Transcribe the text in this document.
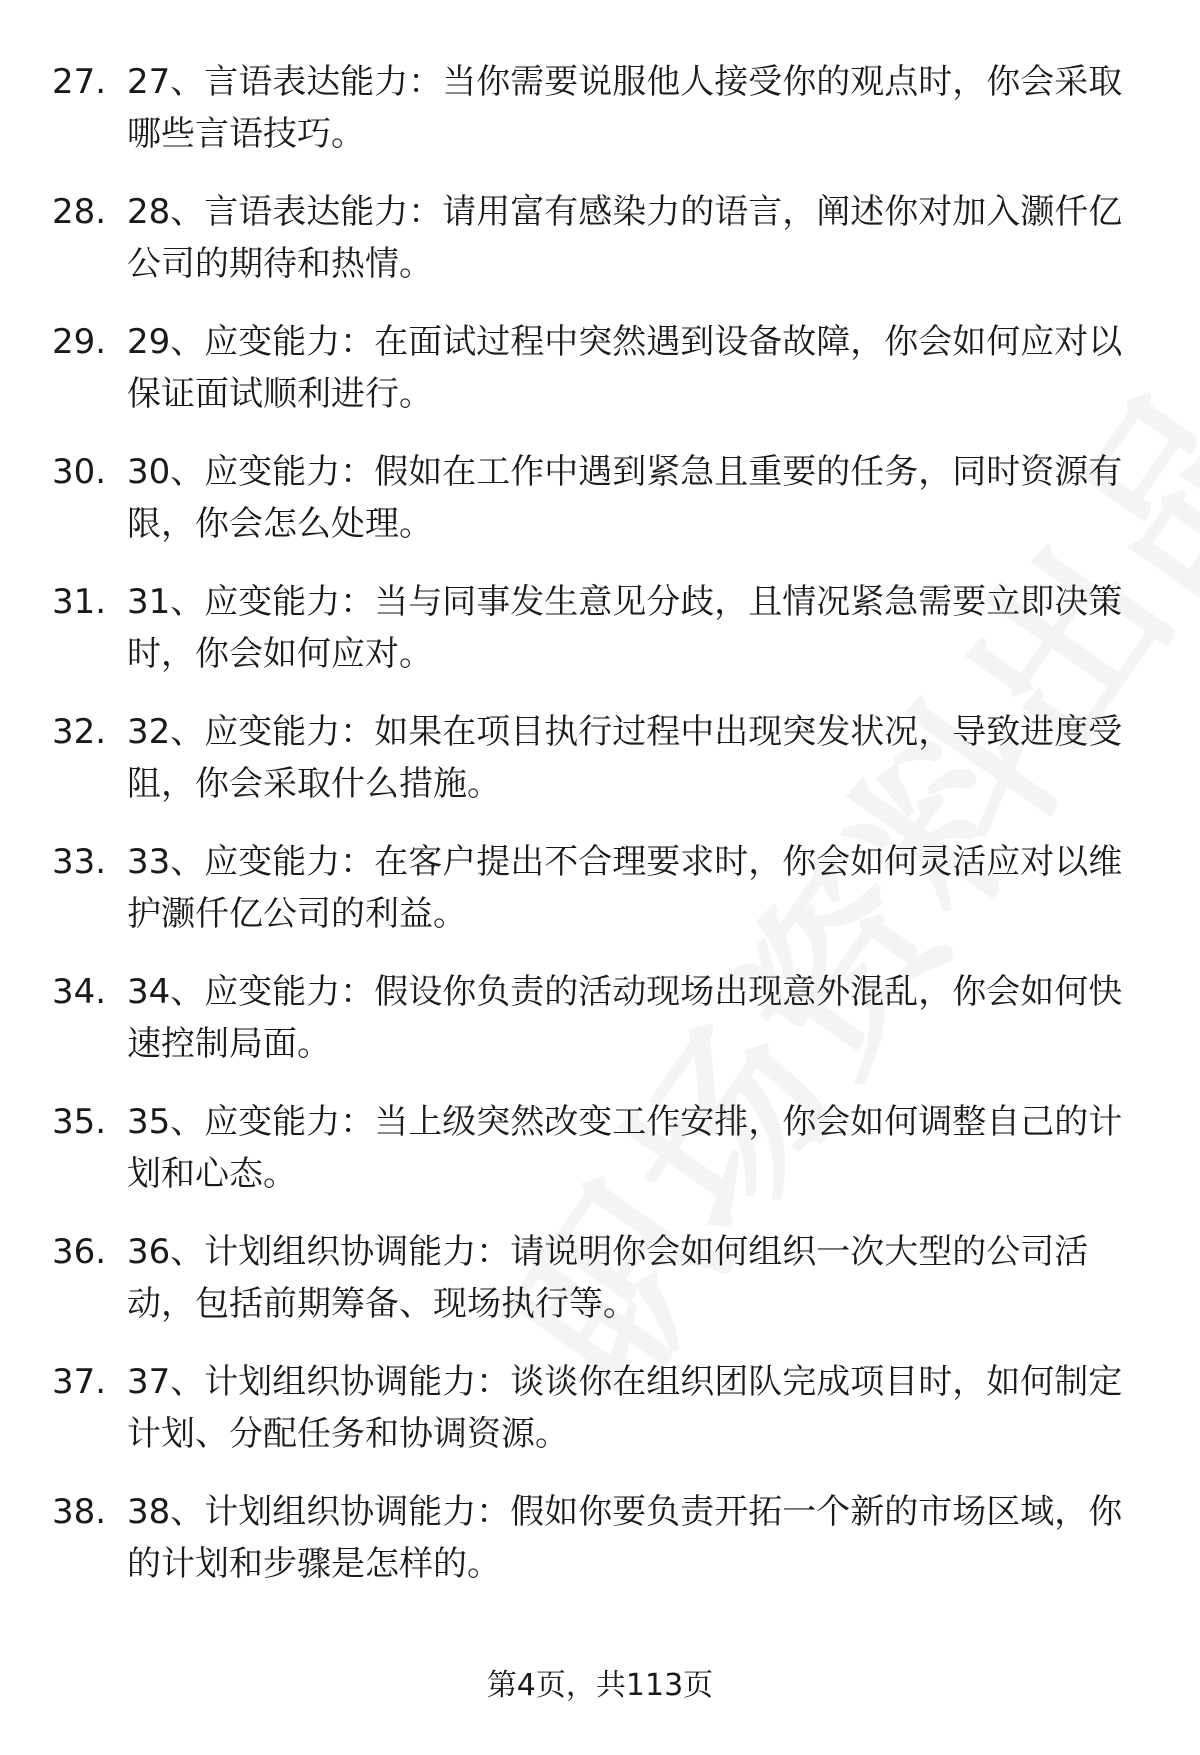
27. 27、言语表达能力：当你需要说服他人接受你的观点时，你会采取哪些言语技巧。
28. 28、言语表达能力：请用富有感染力的语言，阐述你对加入灏仟亿公司的期待和热情。
29. 29、应变能力：在面试过程中突然遇到设备故障，你会如何应对以保证面试顺利进行。
30. 30、应变能力：假如在工作中遇到紧急且重要的任务，同时资源有限，你会怎么处理。
31. 31、应变能力：当与同事发生意见分歧，且情况紧急需要立即决策时，你会如何应对。
32. 32、应变能力：如果在项目执行过程中出现突发状况，导致进度受阻，你会采取什么措施。
33. 33、应变能力：在客户提出不合理要求时，你会如何灵活应对以维护灏仟亿公司的利益。
34. 34、应变能力：假设你负责的活动现场出现意外混乱，你会如何快速控制局面。
35. 35、应变能力：当上级突然改变工作安排，你会如何调整自己的计划和心态。
36. 36、计划组织协调能力：请说明你会如何组织一次大型的公司活动，包括前期筹备、现场执行等。
37. 37、计划组织协调能力：谈谈你在组织团队完成项目时，如何制定计划、分配任务和协调资源。
38. 38、计划组织协调能力：假如你要负责开拓一个新的市场区域，你的计划和步骤是怎样的。
第4页，共113页
